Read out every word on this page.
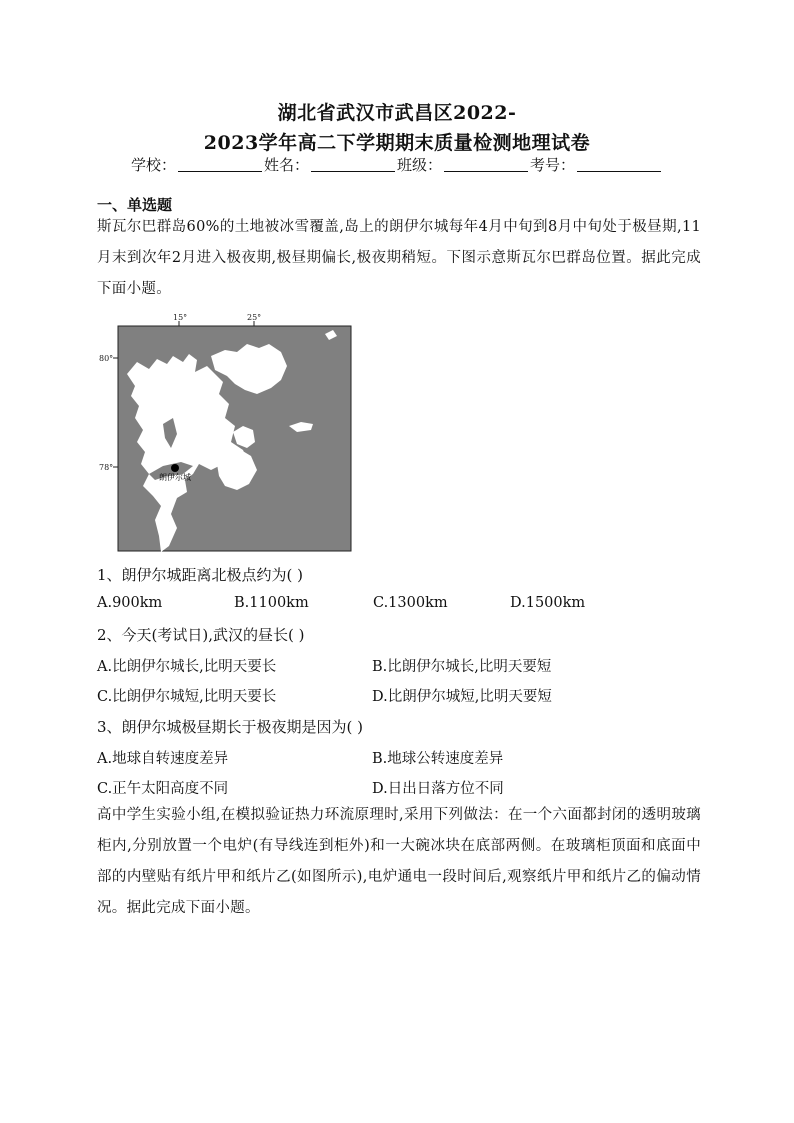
湖北省武汉市武昌区2022-
2023学年高二下学期期末质量检测地理试卷
学校：	姓名：	班级：	考号：
一、单选题
斯瓦尔巴群岛60%的土地被冰雪覆盖,岛上的朗伊尔城每年4月中旬到8月中旬处于极昼期,11月末到次年2月进入极夜期,极昼期偏长,极夜期稍短。下图示意斯瓦尔巴群岛位置。据此完成下面小题。
15°	25°
80°
78°
朗伊尔城
1、朗伊尔城距离北极点约为( )
A.900km	B.1100km	C.1300km	D.1500km
2、今天(考试日),武汉的昼长( )
A.比朗伊尔城长,比明天要长	B.比朗伊尔城长,比明天要短
C.比朗伊尔城短,比明天要长	D.比朗伊尔城短,比明天要短
3、朗伊尔城极昼期长于极夜期是因为( )
A.地球自转速度差异	B.地球公转速度差异
C.正午太阳高度不同	D.日出日落方位不同
高中学生实验小组,在模拟验证热力环流原理时,采用下列做法：在一个六面都封闭的透明玻璃柜内,分别放置一个电炉(有导线连到柜外)和一大碗冰块在底部两侧。在玻璃柜顶面和底面中部的内壁贴有纸片甲和纸片乙(如图所示),电炉通电一段时间后,观察纸片甲和纸片乙的偏动情况。据此完成下面小题。
